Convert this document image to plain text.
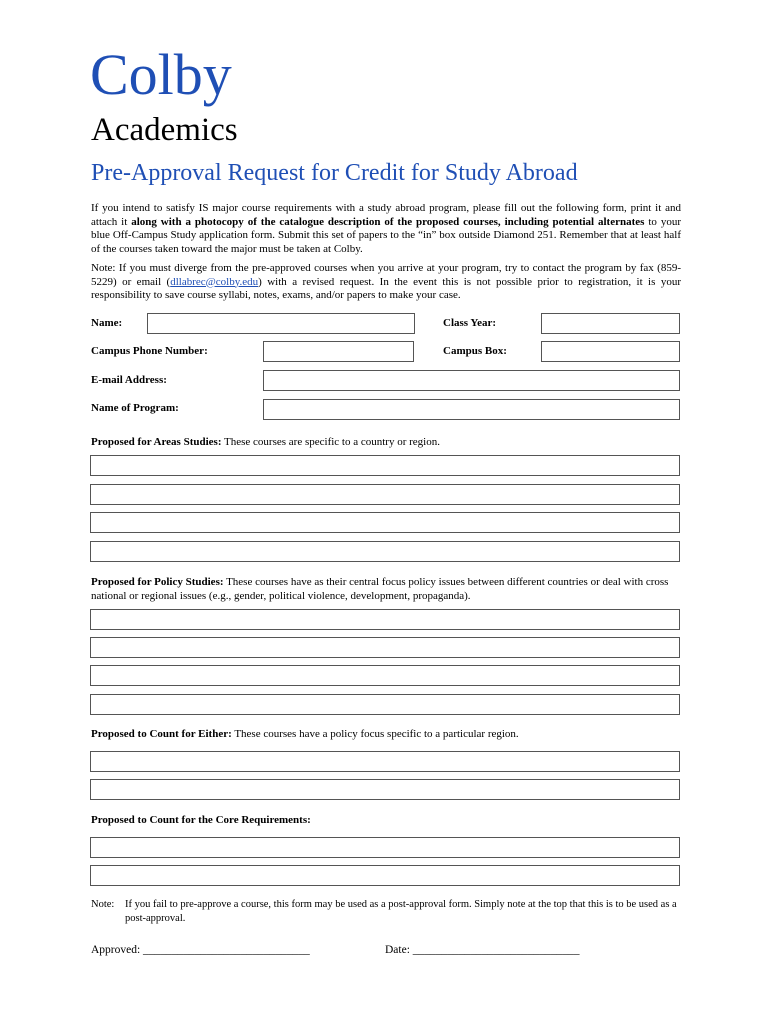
Colby
Academics
Pre-Approval Request for Credit for Study Abroad
If you intend to satisfy IS major course requirements with a study abroad program, please fill out the following form, print it and attach it along with a photocopy of the catalogue description of the proposed courses, including potential alternates to your blue Off-Campus Study application form. Submit this set of papers to the “in” box outside Diamond 251. Remember that at least half of the courses taken toward the major must be taken at Colby.
Note: If you must diverge from the pre-approved courses when you arrive at your program, try to contact the program by fax (859-5229) or email (dllabrec@colby.edu) with a revised request. In the event this is not possible prior to registration, it is your responsibility to save course syllabi, notes, exams, and/or papers to make your case.
Name:	Class Year:
Campus Phone Number:	Campus Box:
E-mail Address:
Name of Program:
Proposed for Areas Studies: These courses are specific to a country or region.
Proposed for Policy Studies: These courses have as their central focus policy issues between different countries or deal with cross national or regional issues (e.g., gender, political violence, development, propaganda).
Proposed to Count for Either: These courses have a policy focus specific to a particular region.
Proposed to Count for the Core Requirements:
Note: If you fail to pre-approve a course, this form may be used as a post-approval form. Simply note at the top that this is to be used as a post-approval.
Approved: _____________________________	Date: _____________________________
